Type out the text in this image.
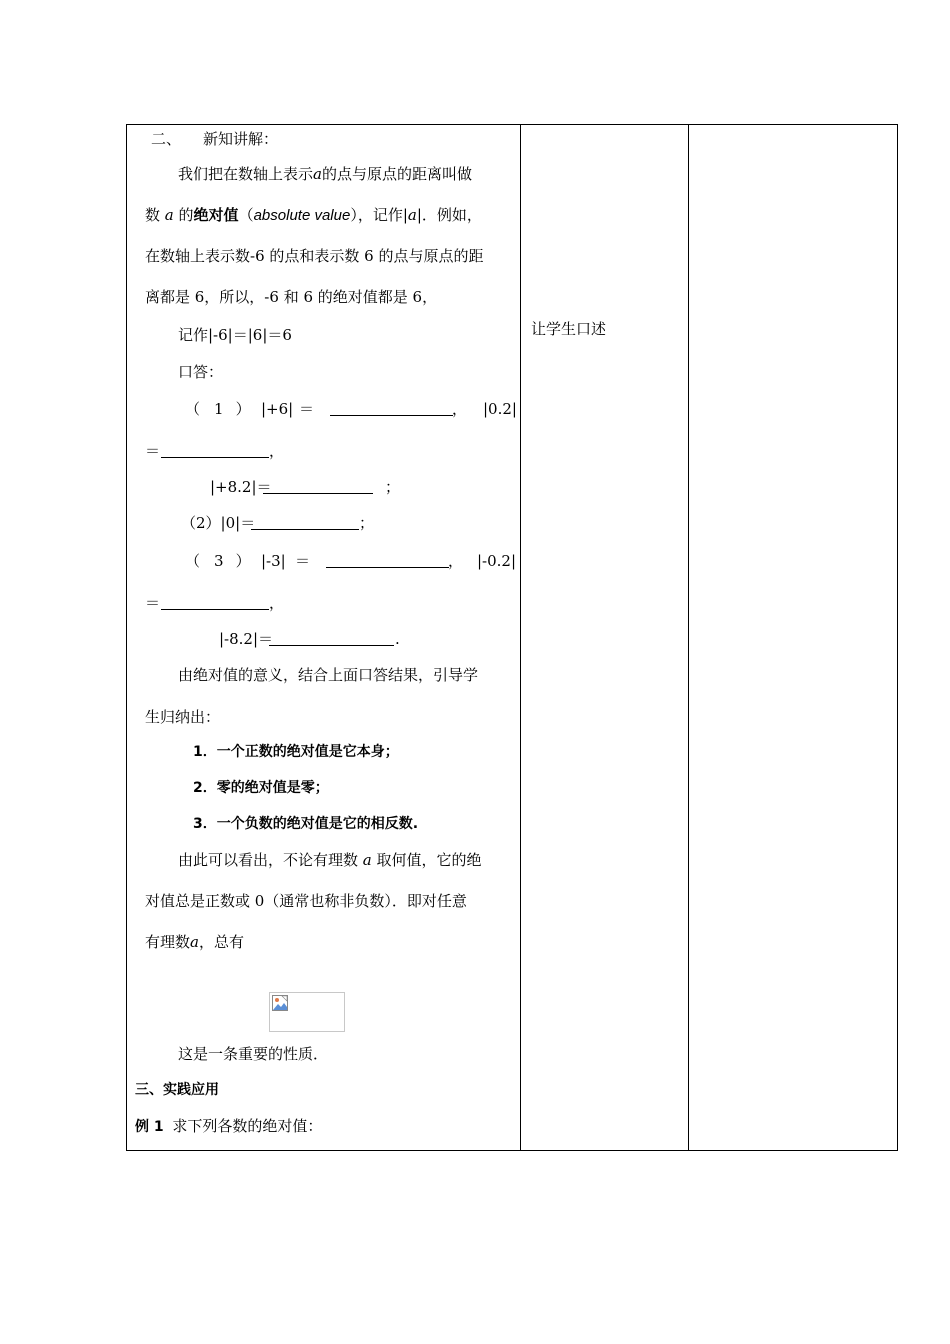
二、 新知讲解：
我们把在数轴上表示a的点与原点的距离叫做
数 a 的绝对值（absolute value），记作|a|．例如，
在数轴上表示数-6 的点和表示数 6 的点与原点的距
离都是 6，所以，-6 和 6 的绝对值都是 6，
记作|-6|＝|6|＝6
口答：
（ 1 ） |+6| ＝	， |0.2|
＝	，
|+8.2|＝	；
（2）|0|＝	；
（ 3 ） |-3| ＝	， |-0.2|
＝	，
|-8.2|＝	.
由绝对值的意义，结合上面口答结果，引导学
生归纳出：
1．一个正数的绝对值是它本身；
2．零的绝对值是零；
3．一个负数的绝对值是它的相反数.
由此可以看出，不论有理数 a 取何值，它的绝
对值总是正数或 0（通常也称非负数）．即对任意
有理数a，总有
这是一条重要的性质．
三、实践应用
例 1 求下列各数的绝对值：
让学生口述
